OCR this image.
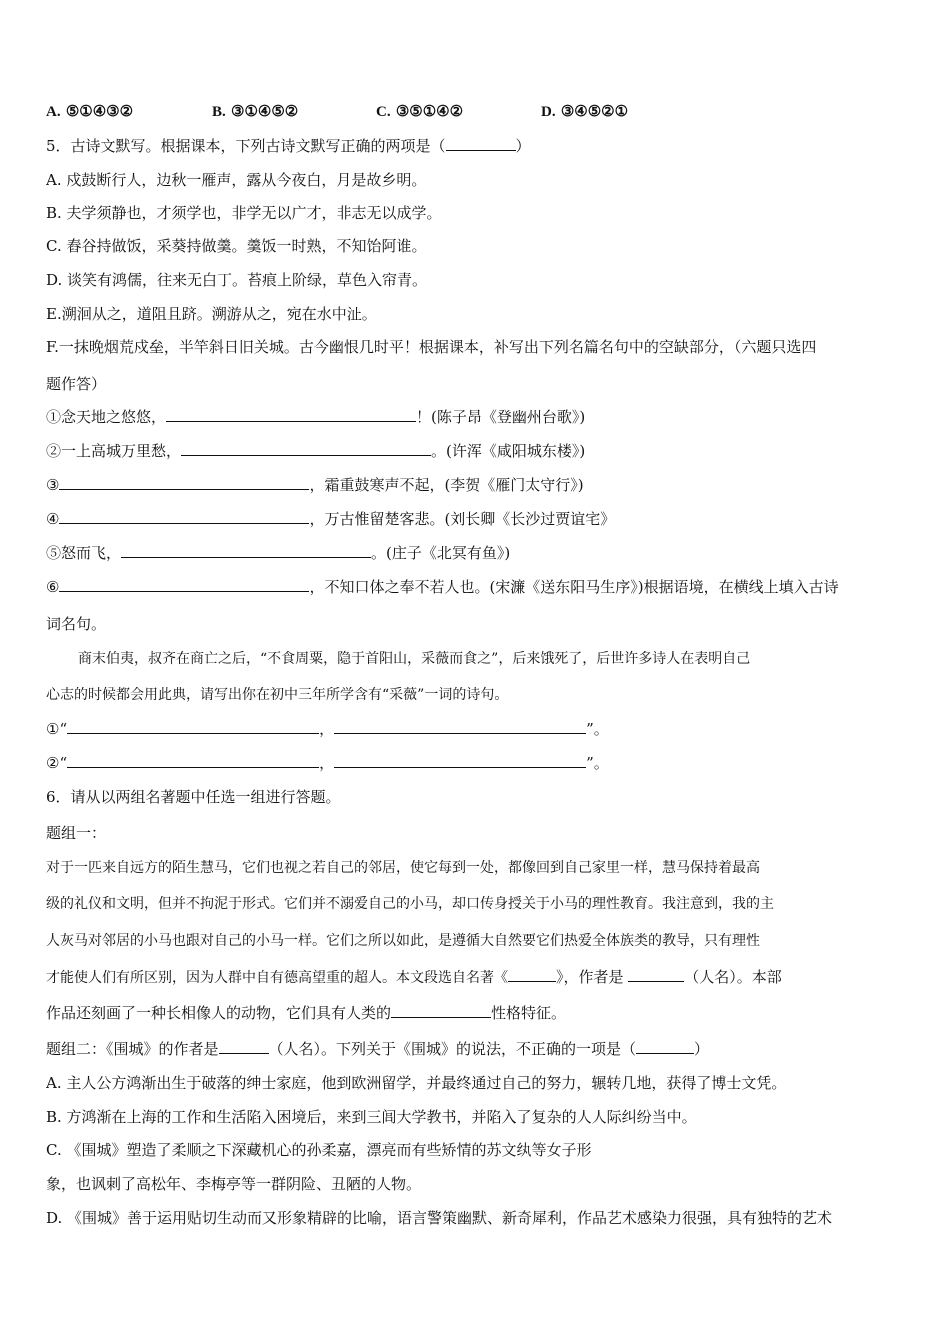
A. ⑤①④③②	B. ③①④⑤②	C. ③⑤①④②	D. ③④⑤②①
5．古诗文默写。根据课本，下列古诗文默写正确的两项是（	）
A. 戍鼓断行人，边秋一雁声，露从今夜白，月是故乡明。
B. 夫学须静也，才须学也，非学无以广才，非志无以成学。
C. 舂谷持做饭，采葵持做羹。羹饭一时熟，不知饴阿谁。
D. 谈笑有鸿儒，往来无白丁。苔痕上阶绿，草色入帘青。
E.溯洄从之，道阻且跻。溯游从之，宛在水中沚。
F.一抹晚烟荒戍垒，半竿斜日旧关城。古今幽恨几时平！根据课本，补写出下列名篇名句中的空缺部分，（六题只选四
题作答）
①念天地之悠悠，	！(陈子昂《登幽州台歌》)
②一上高城万里愁，	。(许浑《咸阳城东楼》)
③	，霜重鼓寒声不起，(李贺《雁门太守行》)
④	，万古惟留楚客悲。(刘长卿《长沙过贾谊宅》
⑤怒而飞，	。(庄子《北冥有鱼》)
⑥	，不知口体之奉不若人也。(宋濂《送东阳马生序》)根据语境，在横线上填入古诗
词名句。
商末伯夷，叔齐在商亡之后，“不食周粟，隐于首阳山，采薇而食之”，后来饿死了，后世许多诗人在表明自己
心志的时候都会用此典，请写出你在初中三年所学含有“采薇”一词的诗句。
①“	，	”。
②“	，	”。
6．请从以两组名著题中任选一组进行答题。
题组一：
对于一匹来自远方的陌生慧马，它们也视之若自己的邻居，使它每到一处，都像回到自己家里一样，慧马保持着最高
级的礼仪和文明，但并不拘泥于形式。它们并不溺爱自己的小马，却口传身授关于小马的理性教育。我注意到，我的主
人灰马对邻居的小马也跟对自己的小马一样。它们之所以如此，是遵循大自然要它们热爱全体族类的教导，只有理性
才能使人们有所区别，因为人群中自有德高望重的超人。本文段选自名著《	》，作者是	（人名）。本部
作品还刻画了一种长相像人的动物，它们具有人类的	性格特征。
题组二：《围城》的作者是	（人名）。下列关于《围城》的说法，不正确的一项是（	）
A. 主人公方鸿渐出生于破落的绅士家庭，他到欧洲留学，并最终通过自己的努力，辗转几地，获得了博士文凭。
B. 方鸿渐在上海的工作和生活陷入困境后，来到三闾大学教书，并陷入了复杂的人人际纠纷当中。
C. 《围城》塑造了柔顺之下深藏机心的孙柔嘉，漂亮而有些矫情的苏文纨等女子形
象，也讽刺了高松年、李梅亭等一群阴险、丑陋的人物。
D. 《围城》善于运用贴切生动而又形象精辟的比喻，语言警策幽默、新奇犀利，作品艺术感染力很强，具有独特的艺术
